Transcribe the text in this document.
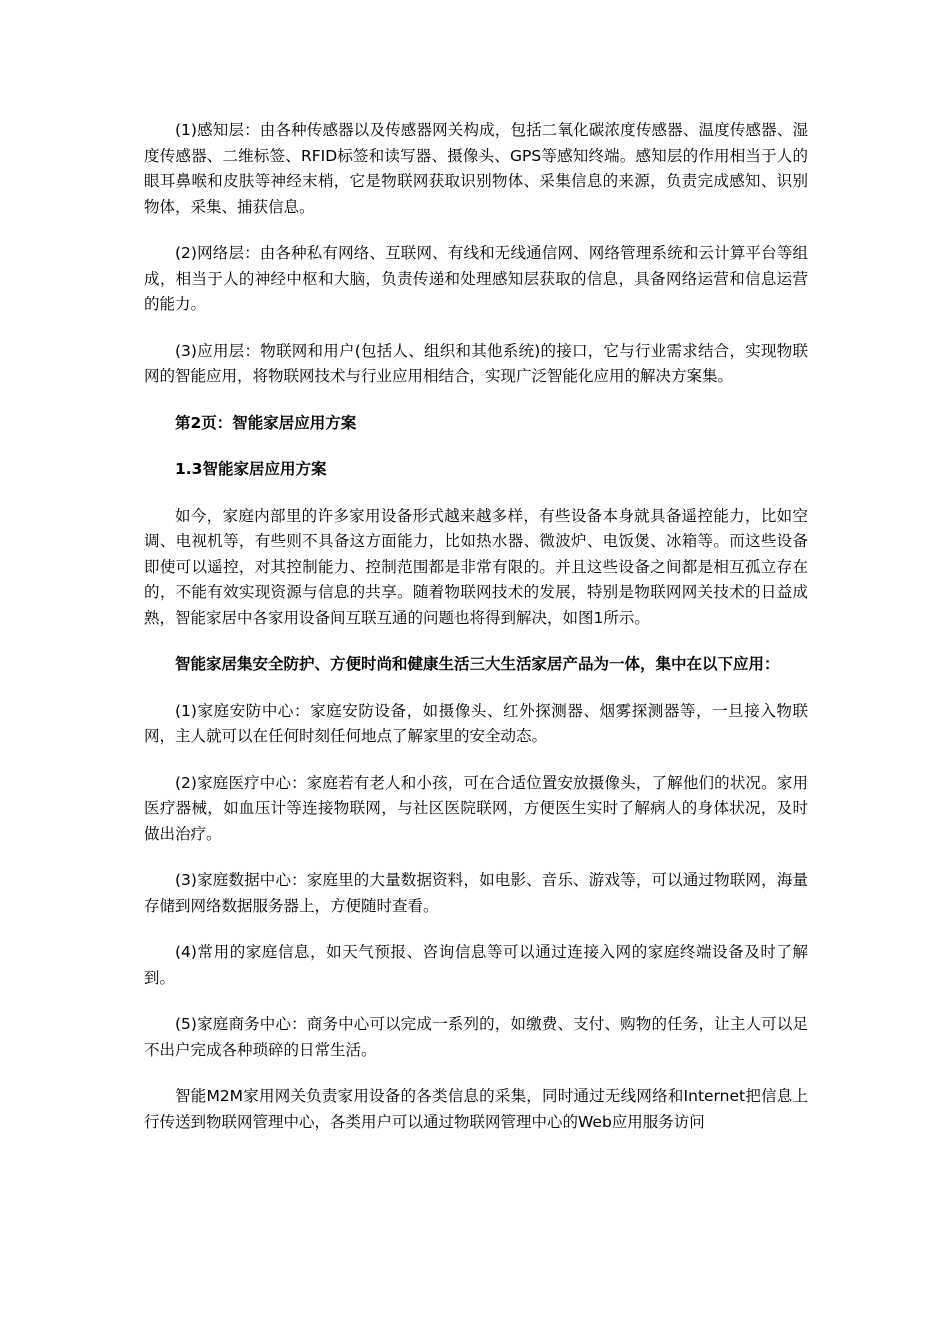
(1)感知层：由各种传感器以及传感器网关构成，包括二氧化碳浓度传感器、温度传感器、湿度传感器、二维标签、RFID标签和读写器、摄像头、GPS等感知终端。感知层的作用相当于人的眼耳鼻喉和皮肤等神经末梢，它是物联网获取识别物体、采集信息的来源，负责完成感知、识别物体，采集、捕获信息。

(2)网络层：由各种私有网络、互联网、有线和无线通信网、网络管理系统和云计算平台等组成，相当于人的神经中枢和大脑，负责传递和处理感知层获取的信息，具备网络运营和信息运营的能力。

(3)应用层：物联网和用户(包括人、组织和其他系统)的接口，它与行业需求结合，实现物联网的智能应用，将物联网技术与行业应用相结合，实现广泛智能化应用的解决方案集。

第2页：智能家居应用方案

1.3智能家居应用方案

如今，家庭内部里的许多家用设备形式越来越多样，有些设备本身就具备遥控能力，比如空调、电视机等，有些则不具备这方面能力，比如热水器、微波炉、电饭煲、冰箱等。而这些设备即使可以遥控，对其控制能力、控制范围都是非常有限的。并且这些设备之间都是相互孤立存在的，不能有效实现资源与信息的共享。随着物联网技术的发展，特别是物联网网关技术的日益成熟，智能家居中各家用设备间互联互通的问题也将得到解决，如图1所示。

智能家居集安全防护、方便时尚和健康生活三大生活家居产品为一体，集中在以下应用：

(1)家庭安防中心：家庭安防设备，如摄像头、红外探测器、烟雾探测器等，一旦接入物联网，主人就可以在任何时刻任何地点了解家里的安全动态。

(2)家庭医疗中心：家庭若有老人和小孩，可在合适位置安放摄像头，了解他们的状况。家用医疗器械，如血压计等连接物联网，与社区医院联网，方便医生实时了解病人的身体状况，及时做出治疗。

(3)家庭数据中心：家庭里的大量数据资料，如电影、音乐、游戏等，可以通过物联网，海量存储到网络数据服务器上，方便随时查看。

(4)常用的家庭信息，如天气预报、咨询信息等可以通过连接入网的家庭终端设备及时了解到。

(5)家庭商务中心：商务中心可以完成一系列的，如缴费、支付、购物的任务，让主人可以足不出户完成各种琐碎的日常生活。

智能M2M家用网关负责家用设备的各类信息的采集，同时通过无线网络和Internet把信息上行传送到物联网管理中心，各类用户可以通过物联网管理中心的Web应用服务访问
